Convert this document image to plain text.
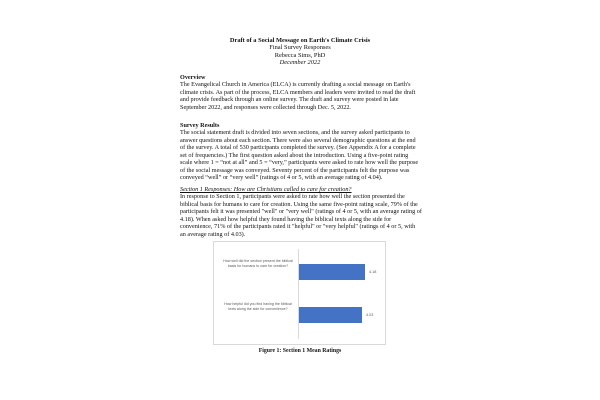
Draft of a Social Message on Earth's Climate Crisis
Final Survey Responses
Rebecca Sims, PhD
December 2022
Overview

The Evangelical Church in America (ELCA) is currently drafting a social message on Earth's climate crisis. As part of the process, ELCA members and leaders were invited to read the draft and provide feedback through an online survey. The draft and survey were posted in late September 2022, and responses were collected through Dec. 5, 2022.

Survey Results

The social statement draft is divided into seven sections, and the survey asked participants to answer questions about each section. There were also several demographic questions at the end of the survey. A total of 530 participants completed the survey. (See Appendix A for a complete set of frequencies.) The first question asked about the introduction. Using a five-point rating scale where 1 = “not at all” and 5 = “very,” participants were asked to rate how well the purpose of the social message was conveyed. Seventy percent of the participants felt the purpose was conveyed “well” or “very well” (ratings of 4 or 5, with an average rating of 4.04).

Section 1 Responses: How are Christians called to care for creation?

In response to Section 1, participants were asked to rate how well the section presented the biblical basis for humans to care for creation. Using the same five-point rating scale, 79% of the participants felt it was presented "well" or "very well" (ratings of 4 or 5, with an average rating of 4.18). When asked how helpful they found having the biblical texts along the side for convenience, 71% of the participants rated it "helpful" or "very helpful" (ratings of 4 or 5, with an average rating of 4.03).

How well did the section present the biblical basis for humans to care for creation?
4.18
How helpful did you find having the biblical texts along the side for convenience?
4.03
Figure 1: Section 1 Mean Ratings
